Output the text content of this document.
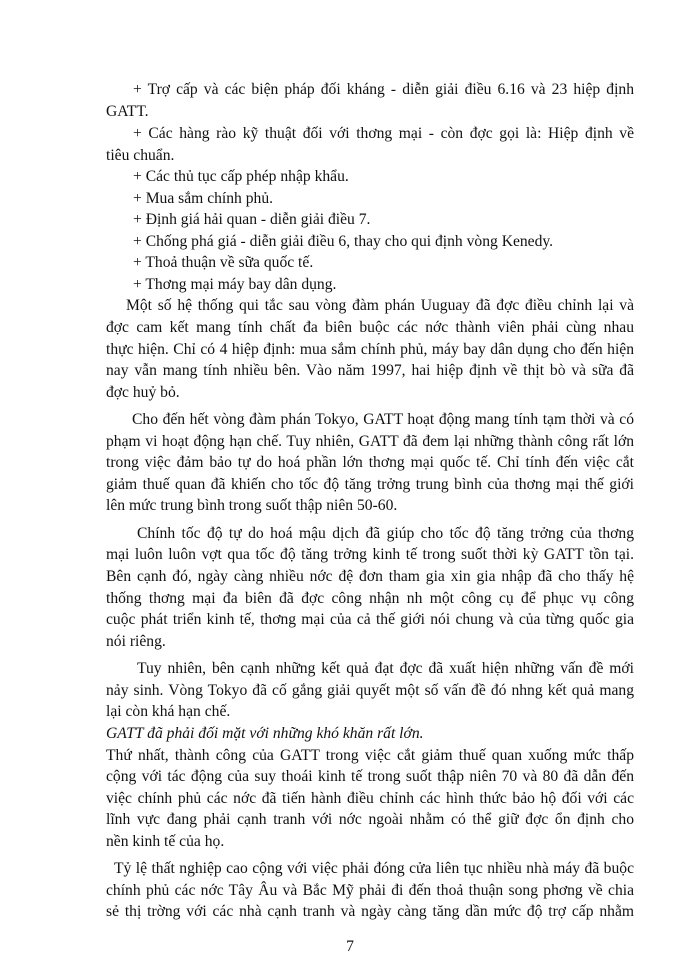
+ Trợ cấp và các biện pháp đối kháng - diễn giải điều 6.16 và 23 hiệp định
GATT.
+ Các hàng rào kỹ thuật đối với thơng mại - còn đợc gọi là: Hiệp định về
tiêu chuẩn.
+ Các thủ tục cấp phép nhập khẩu.
+ Mua sắm chính phủ.
+ Định giá hải quan - diễn giải điều 7.
+ Chống phá giá - diễn giải điều 6, thay cho qui định vòng Kenedy.
+ Thoả thuận về sữa quốc tế.
+ Thơng mại máy bay dân dụng.
Một số hệ thống qui tắc sau vòng đàm phán Uuguay đã đợc điều chỉnh lại và
đợc cam kết mang tính chất đa biên buộc các nớc thành viên phải cùng nhau
thực hiện. Chỉ có 4 hiệp định: mua sắm chính phủ, máy bay dân dụng cho đến hiện
nay vẫn mang tính nhiều bên. Vào năm 1997, hai hiệp định về thịt bò và sữa đã
đợc huỷ bỏ.
Cho đến hết vòng đàm phán Tokyo, GATT hoạt động mang tính tạm thời và có
phạm vi hoạt động hạn chế. Tuy nhiên, GATT đã đem lại những thành công rất lớn
trong việc đảm bảo tự do hoá phần lớn thơng mại quốc tế. Chỉ tính đến việc cắt
giảm thuế quan đã khiến cho tốc độ tăng trởng trung bình của thơng mại thế giới
lên mức trung bình trong suốt thập niên 50-60.
Chính tốc độ tự do hoá mậu dịch đã giúp cho tốc độ tăng trởng của thơng
mại luôn luôn vợt qua tốc độ tăng trởng kinh tế trong suốt thời kỳ GATT tồn tại.
Bên cạnh đó, ngày càng nhiều nớc đệ đơn tham gia xin gia nhập đã cho thấy hệ
thống thơng mại đa biên đã đợc công nhận nh một công cụ để phục vụ công
cuộc phát triển kinh tế, thơng mại của cả thế giới nói chung và của từng quốc gia
nói riêng.
Tuy nhiên, bên cạnh những kết quả đạt đợc đã xuất hiện những vấn đề mới
nảy sinh. Vòng Tokyo đã cố gắng giải quyết một số vấn đề đó nhng kết quả mang
lại còn khá hạn chế.
GATT đã phải đối mặt với những khó khăn rất lớn.
Thứ nhất, thành công của GATT trong việc cắt giảm thuế quan xuống mức thấp
cộng với tác động của suy thoái kinh tế trong suốt thập niên 70 và 80 đã dẫn đến
việc chính phủ các nớc đã tiến hành điều chỉnh các hình thức bảo hộ đối với các
lĩnh vực đang phải cạnh tranh với nớc ngoài nhằm có thể giữ đợc ổn định cho
nền kinh tế của họ.
Tỷ lệ thất nghiệp cao cộng với việc phải đóng cửa liên tục nhiều nhà máy đã buộc
chính phủ các nớc Tây Âu và Bắc Mỹ phải đi đến thoả thuận song phơng về chia
sẻ thị trờng với các nhà cạnh tranh và ngày càng tăng dần mức độ trợ cấp nhằm
7
